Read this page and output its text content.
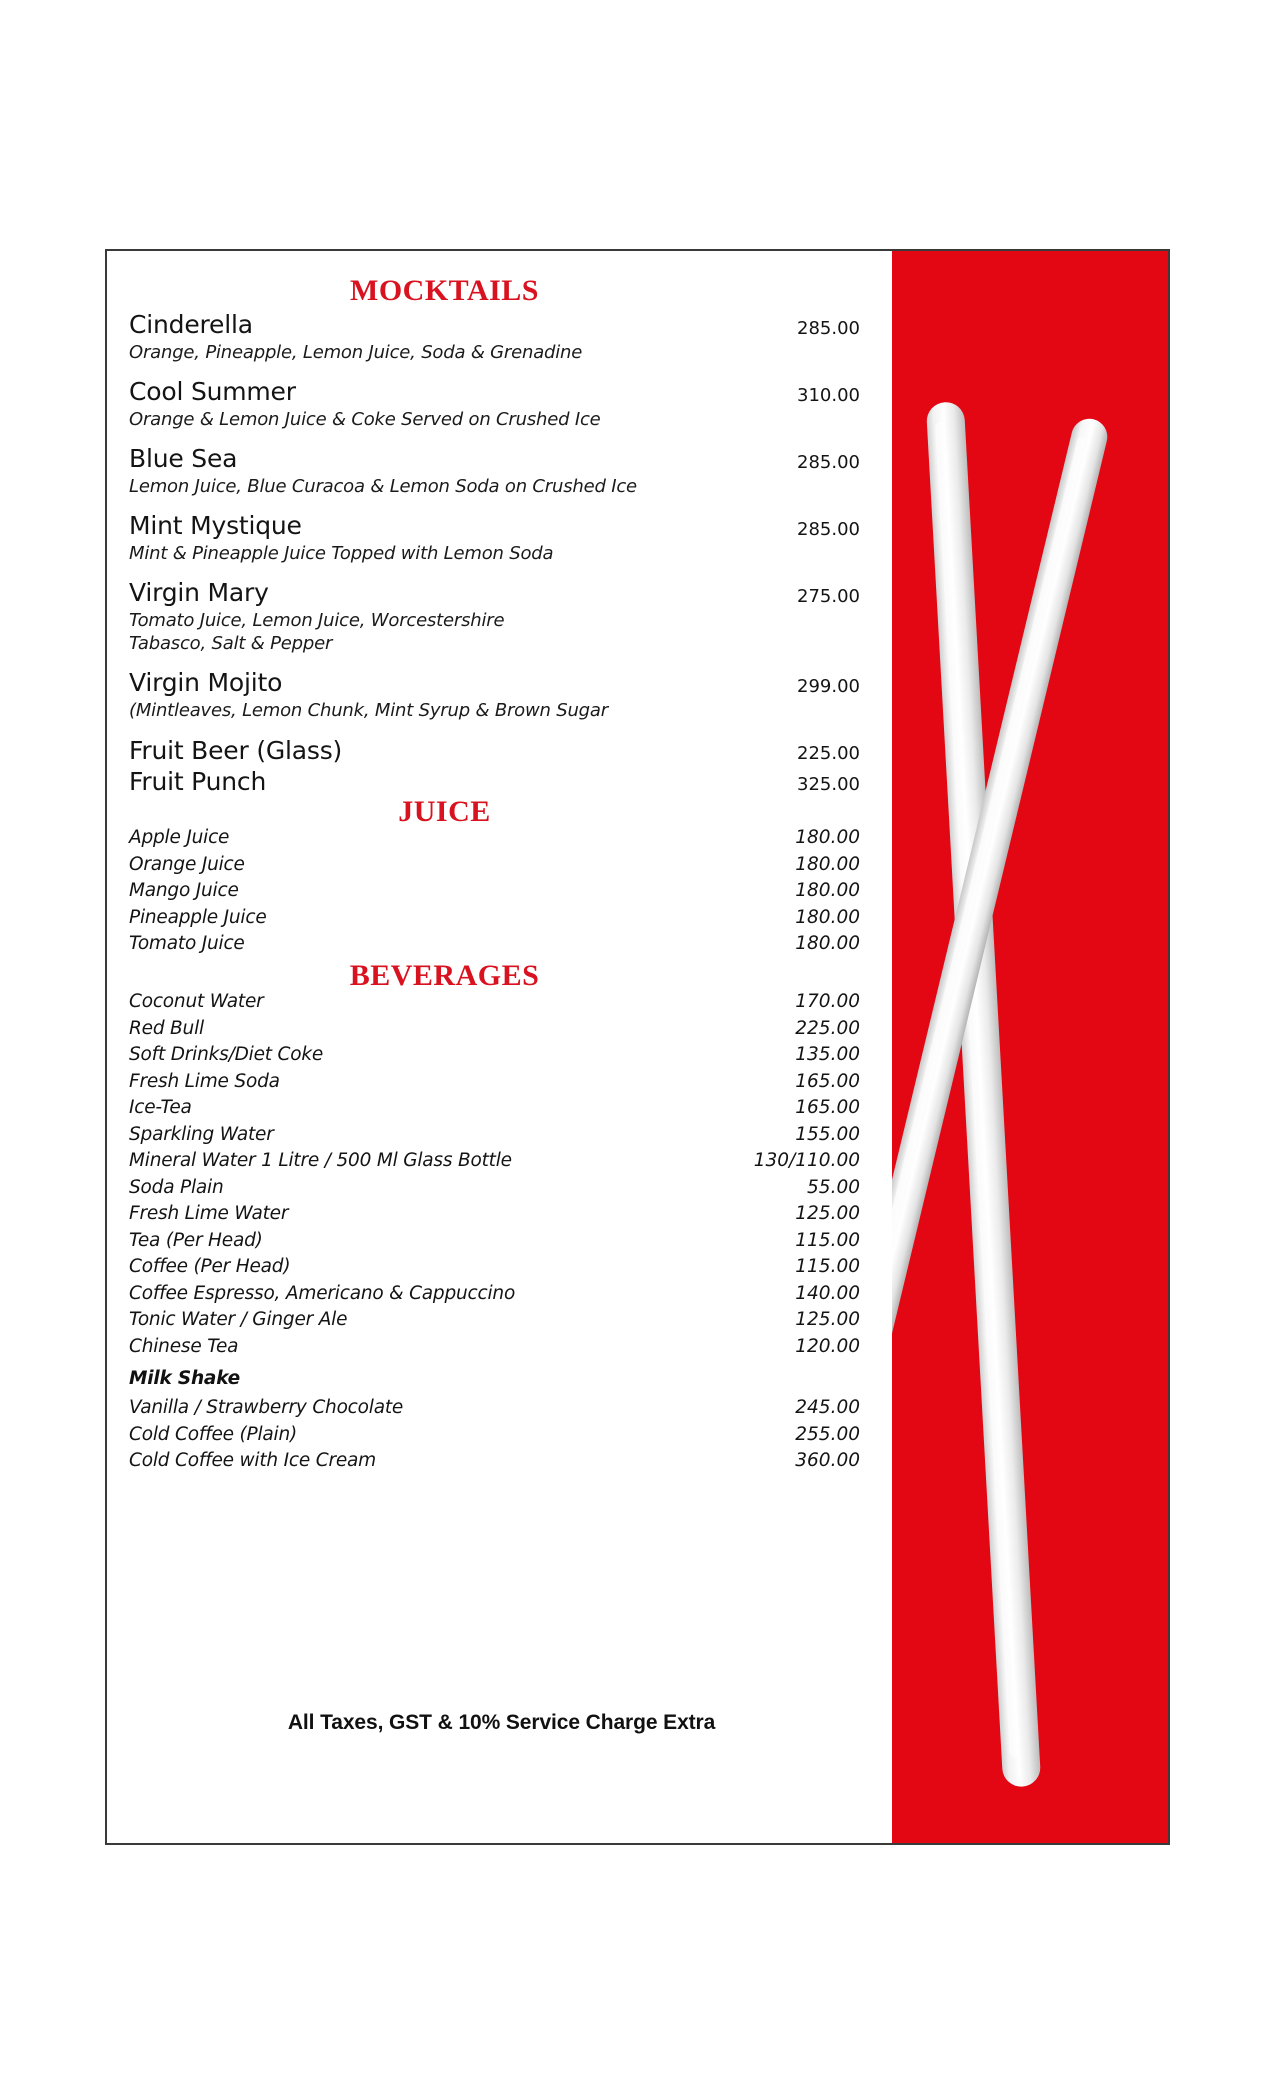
MOCKTAILS
Cinderella	285.00
Orange, Pineapple, Lemon Juice, Soda & Grenadine
Cool Summer	310.00
Orange & Lemon Juice & Coke Served on Crushed Ice
Blue Sea	285.00
Lemon Juice, Blue Curacoa & Lemon Soda on Crushed Ice
Mint Mystique	285.00
Mint & Pineapple Juice Topped with Lemon Soda
Virgin Mary	275.00
Tomato Juice, Lemon Juice, Worcestershire
Tabasco, Salt & Pepper
Virgin Mojito	299.00
(Mintleaves, Lemon Chunk, Mint Syrup & Brown Sugar
Fruit Beer (Glass)	225.00
Fruit Punch	325.00
JUICE
Apple Juice	180.00
Orange Juice	180.00
Mango Juice	180.00
Pineapple Juice	180.00
Tomato Juice	180.00
BEVERAGES
Coconut Water	170.00
Red Bull	225.00
Soft Drinks/Diet Coke	135.00
Fresh Lime Soda	165.00
Ice-Tea	165.00
Sparkling Water	155.00
Mineral Water 1 Litre / 500 Ml Glass Bottle	130/110.00
Soda Plain	55.00
Fresh Lime Water	125.00
Tea (Per Head)	115.00
Coffee (Per Head)	115.00
Coffee Espresso, Americano & Cappuccino	140.00
Tonic Water / Ginger Ale	125.00
Chinese Tea	120.00
Milk Shake
Vanilla / Strawberry Chocolate	245.00
Cold Coffee (Plain)	255.00
Cold Coffee with Ice Cream	360.00
All Taxes, GST & 10% Service Charge Extra
